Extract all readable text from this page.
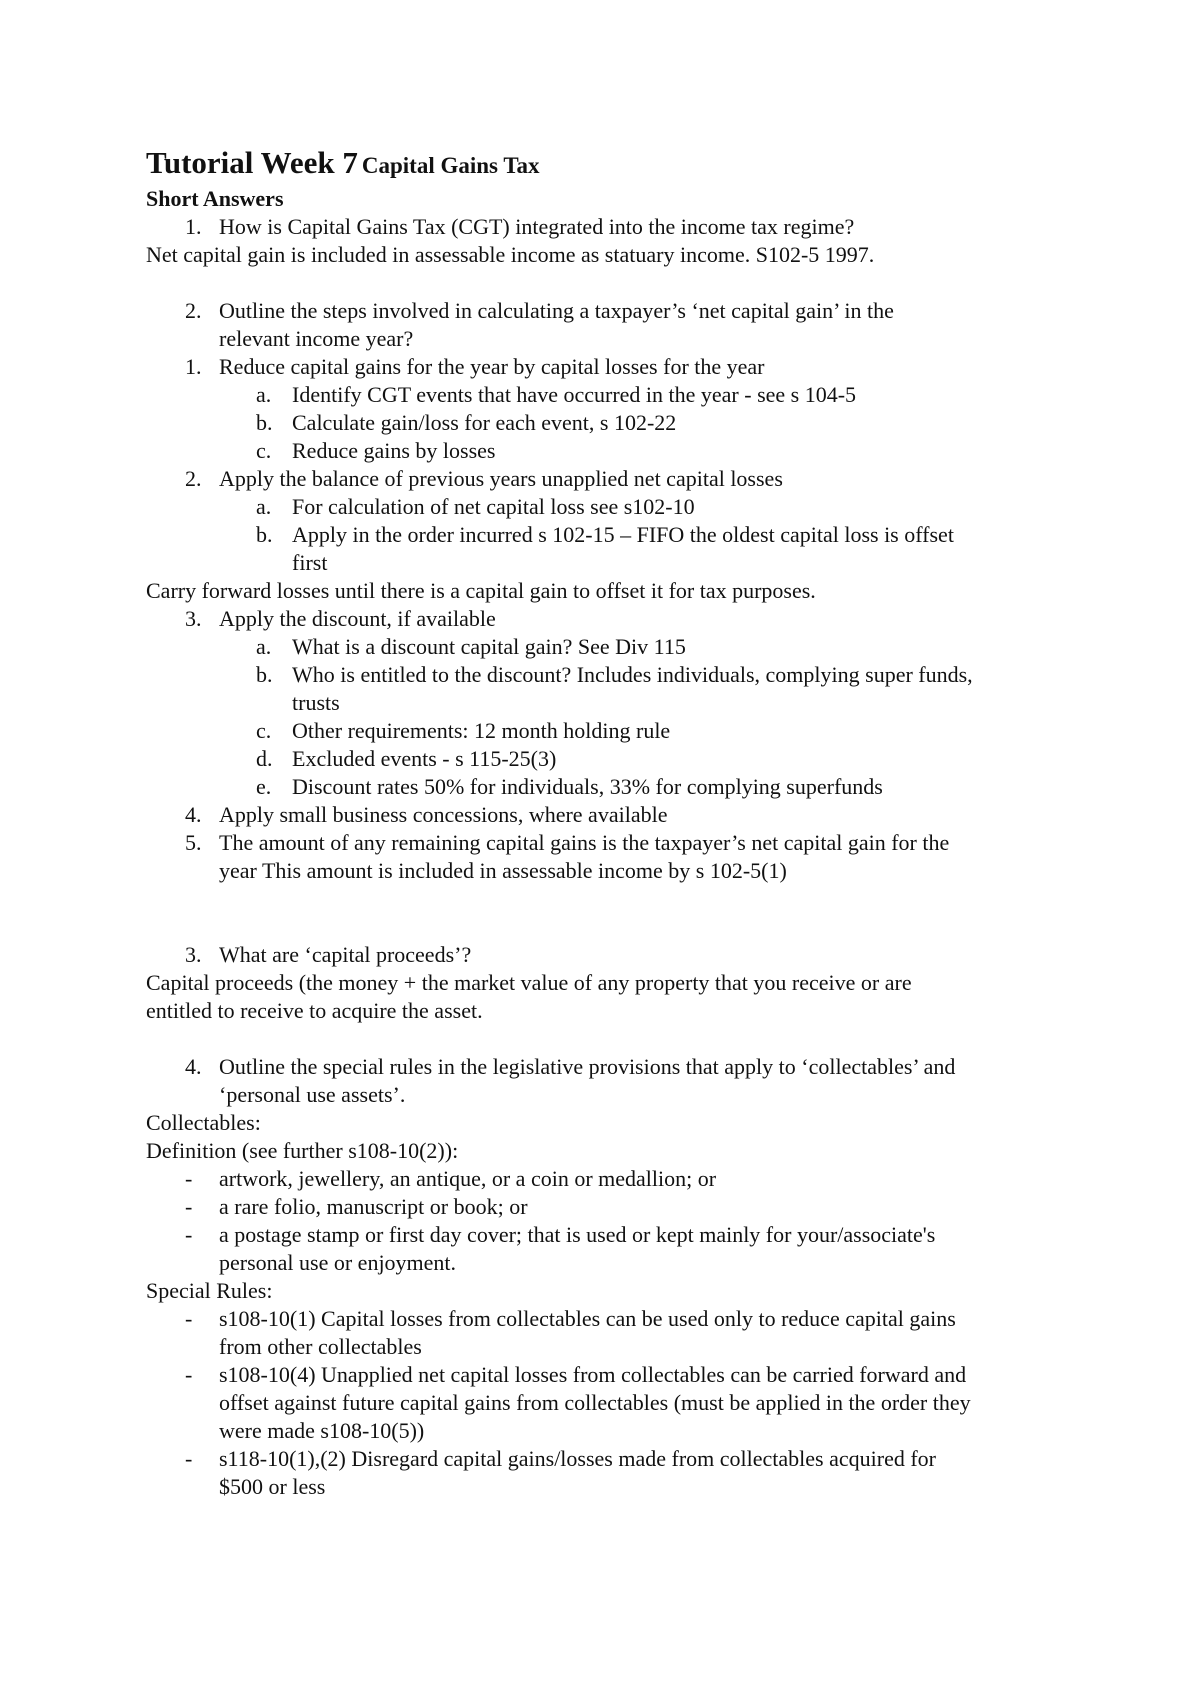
Tutorial Week 7 Capital Gains Tax
Short Answers
1. How is Capital Gains Tax (CGT) integrated into the income tax regime?
Net capital gain is included in assessable income as statuary income. S102-5 1997.
2. Outline the steps involved in calculating a taxpayer’s ‘net capital gain’ in the
relevant income year?
1. Reduce capital gains for the year by capital losses for the year
a. Identify CGT events that have occurred in the year - see s 104-5
b. Calculate gain/loss for each event, s 102-22
c. Reduce gains by losses
2. Apply the balance of previous years unapplied net capital losses
a. For calculation of net capital loss see s102-10
b. Apply in the order incurred s 102-15 – FIFO the oldest capital loss is offset
first
Carry forward losses until there is a capital gain to offset it for tax purposes.
3. Apply the discount, if available
a. What is a discount capital gain? See Div 115
b. Who is entitled to the discount? Includes individuals, complying super funds,
trusts
c. Other requirements: 12 month holding rule
d. Excluded events - s 115-25(3)
e. Discount rates 50% for individuals, 33% for complying superfunds
4. Apply small business concessions, where available
5. The amount of any remaining capital gains is the taxpayer’s net capital gain for the
year This amount is included in assessable income by s 102-5(1)
3. What are ‘capital proceeds’?
Capital proceeds (the money + the market value of any property that you receive or are
entitled to receive to acquire the asset.
4. Outline the special rules in the legislative provisions that apply to ‘collectables’ and
‘personal use assets’.
Collectables:
Definition (see further s108-10(2)):
- artwork, jewellery, an antique, or a coin or medallion; or
- a rare folio, manuscript or book; or
- a postage stamp or first day cover; that is used or kept mainly for your/associate's
personal use or enjoyment.
Special Rules:
- s108-10(1) Capital losses from collectables can be used only to reduce capital gains
from other collectables
- s108-10(4) Unapplied net capital losses from collectables can be carried forward and
offset against future capital gains from collectables (must be applied in the order they
were made s108-10(5))
- s118-10(1),(2) Disregard capital gains/losses made from collectables acquired for
$500 or less
